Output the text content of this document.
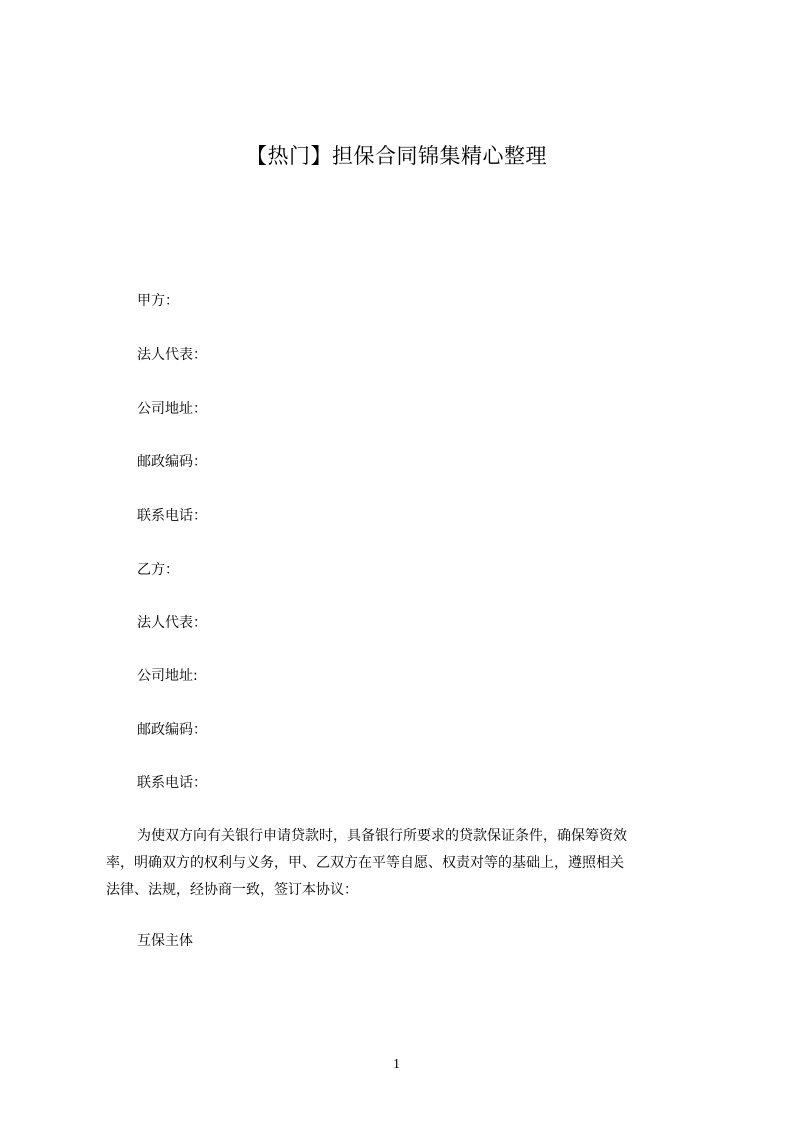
【热门】担保合同锦集精心整理
甲方：
法人代表：
公司地址：
邮政编码：
联系电话：
乙方：
法人代表：
公司地址:
邮政编码：
联系电话：
为使双方向有关银行申请贷款时，具备银行所要求的贷款保证条件，确保筹资效
率，明确双方的权利与义务，甲、乙双方在平等自愿、权责对等的基础上，遵照相关
法律、法规，经协商一致，签订本协议：
互保主体
1
